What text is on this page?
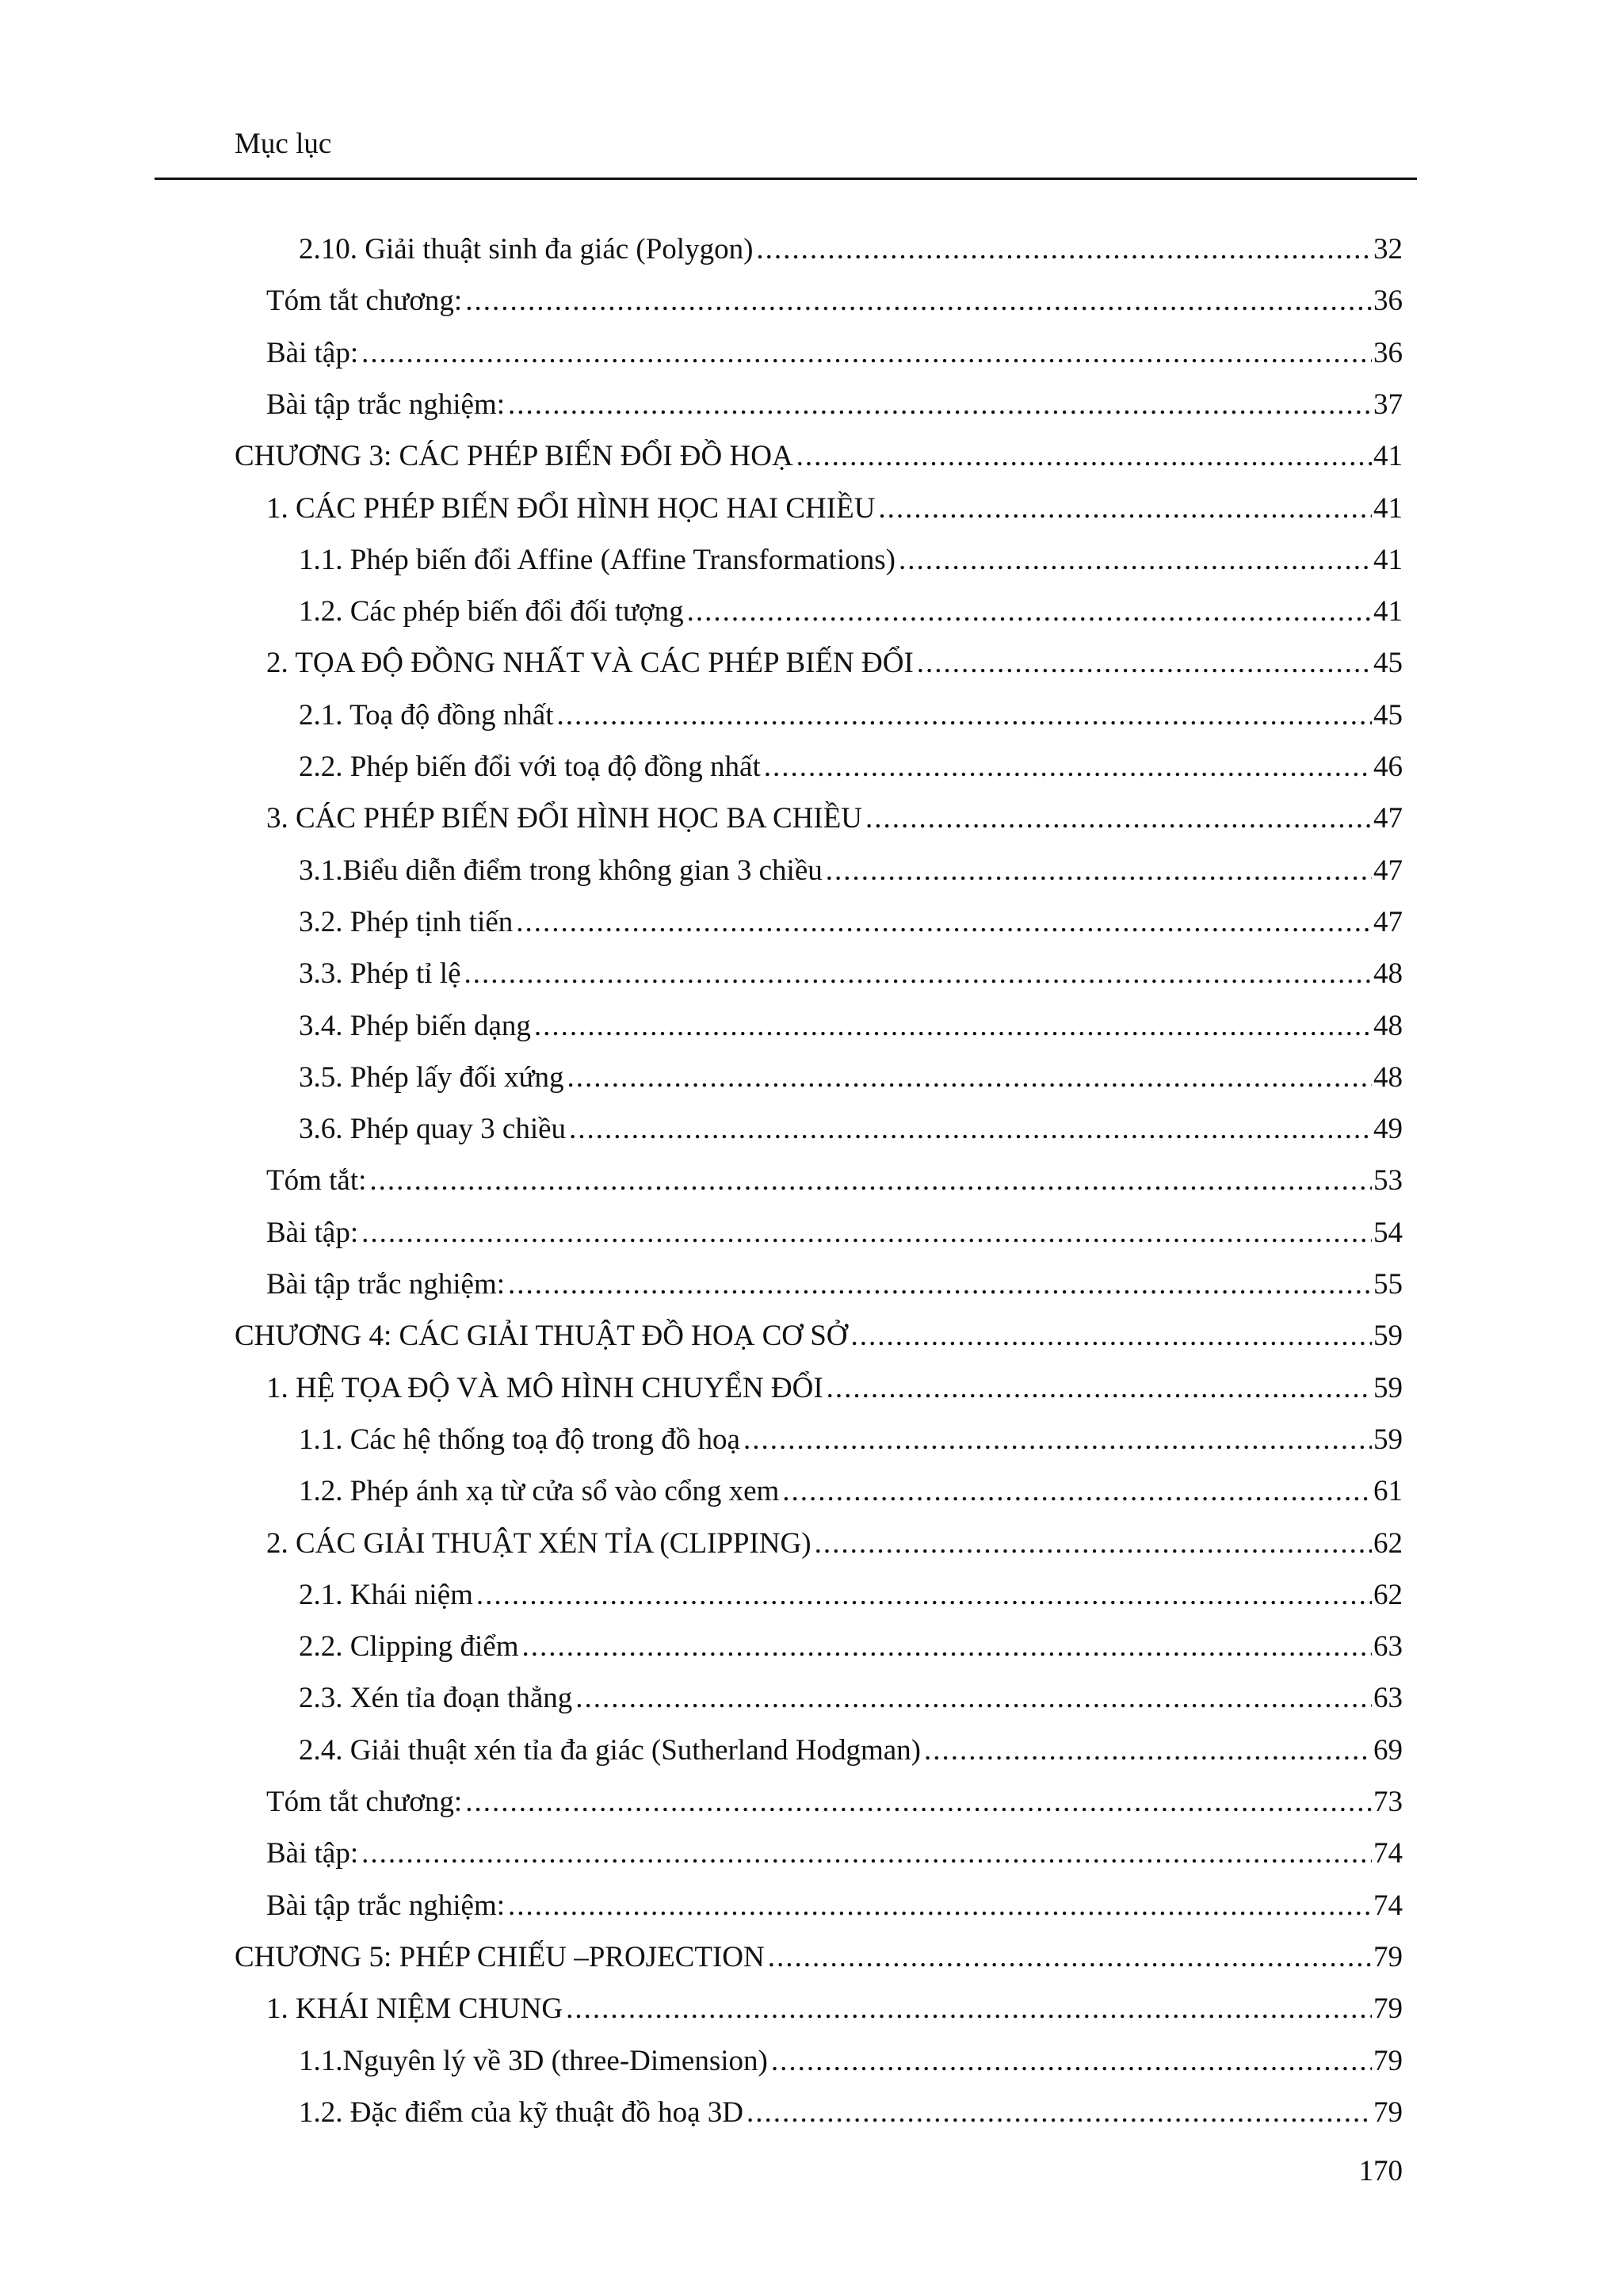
Mục lục
2.10. Giải thuật sinh đa giác (Polygon) .....	32
Tóm tắt chương: .....	36
Bài tập: .....	36
Bài tập trắc nghiệm: .....	37
CHƯƠNG 3: CÁC PHÉP BIẾN ĐỔI ĐỒ HOẠ .....	41
1. CÁC PHÉP BIẾN ĐỔI HÌNH HỌC HAI CHIỀU .....	41
1.1. Phép biến đổi Affine (Affine Transformations) .....	41
1.2. Các phép biến đổi đối tượng .....	41
2. TỌA ĐỘ ĐỒNG NHẤT VÀ CÁC PHÉP BIẾN ĐỔI .....	45
2.1. Toạ độ đồng nhất .....	45
2.2. Phép biến đổi với toạ độ đồng nhất .....	46
3. CÁC PHÉP BIẾN ĐỔI HÌNH HỌC BA CHIỀU .....	47
3.1.Biểu diễn điểm trong không gian 3 chiều .....	47
3.2. Phép tịnh tiến .....	47
3.3. Phép tỉ lệ .....	48
3.4. Phép biến dạng .....	48
3.5. Phép lấy đối xứng .....	48
3.6. Phép quay 3 chiều .....	49
Tóm tắt: .....	53
Bài tập: .....	54
Bài tập trắc nghiệm: .....	55
CHƯƠNG 4: CÁC GIẢI THUẬT ĐỒ HOẠ CƠ SỞ .....	59
1. HỆ TỌA ĐỘ VÀ MÔ HÌNH CHUYỂN ĐỔI .....	59
1.1. Các hệ thống toạ độ trong đồ hoạ .....	59
1.2. Phép ánh xạ từ cửa sổ vào cổng xem .....	61
2. CÁC GIẢI THUẬT XÉN TỈA (CLIPPING) .....	62
2.1. Khái niệm .....	62
2.2. Clipping điểm .....	63
2.3. Xén tỉa đoạn thẳng .....	63
2.4. Giải thuật xén tỉa đa giác (Sutherland Hodgman) .....	69
Tóm tắt chương: .....	73
Bài tập: .....	74
Bài tập trắc nghiệm: .....	74
CHƯƠNG 5: PHÉP CHIẾU –PROJECTION .....	79
1. KHÁI NIỆM CHUNG .....	79
1.1.Nguyên lý về 3D (three-Dimension) .....	79
1.2. Đặc điểm của kỹ thuật đồ hoạ 3D .....	79
170
